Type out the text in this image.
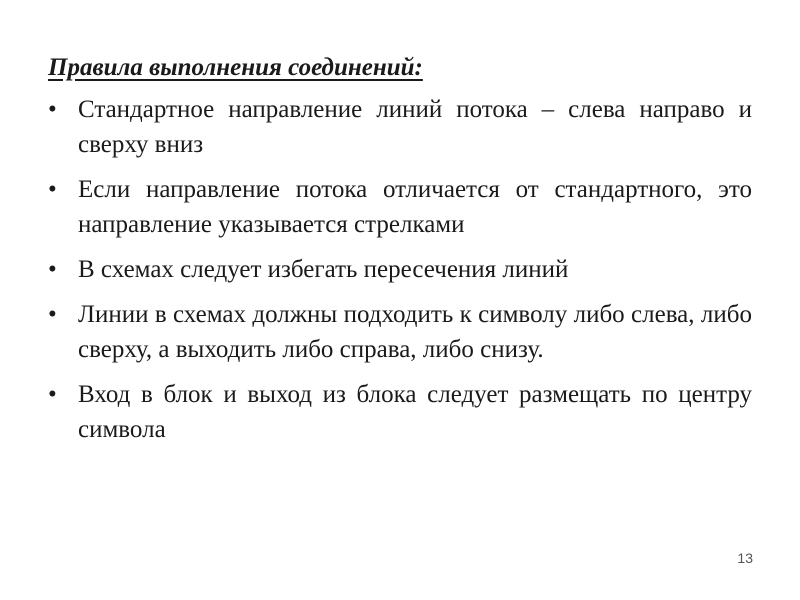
Правила выполнения соединений:
• Стандартное направление линий потока – слева направо и сверху вниз
• Если направление потока отличается от стандартного, это направление указывается стрелками
• В схемах следует избегать пересечения линий
• Линии в схемах должны подходить к символу либо слева, либо сверху, а выходить либо справа, либо снизу.
• Вход в блок и выход из блока следует размещать по центру символа
13
